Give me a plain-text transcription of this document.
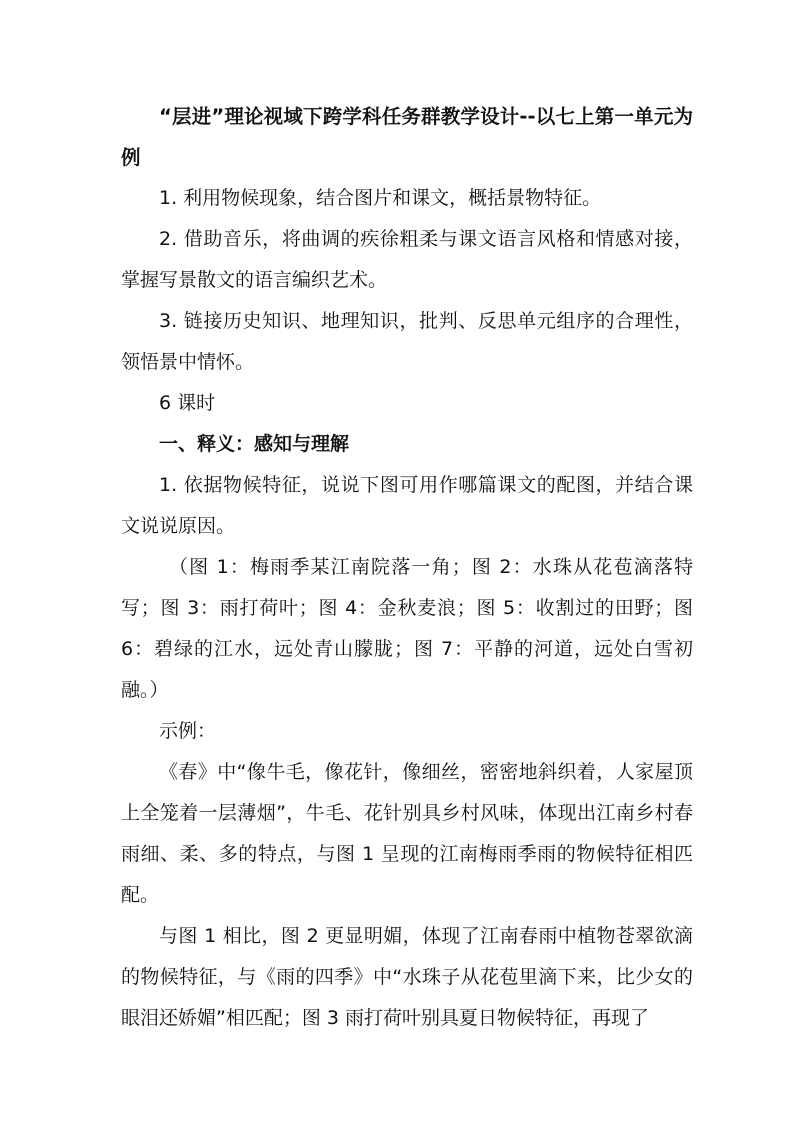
“层进”理论视域下跨学科任务群教学设计--以七上第一单元为例

1. 利用物候现象，结合图片和课文，概括景物特征。

2. 借助音乐，将曲调的疾徐粗柔与课文语言风格和情感对接，掌握写景散文的语言编织艺术。

3. 链接历史知识、地理知识，批判、反思单元组序的合理性，领悟景中情怀。

6 课时

一、释义：感知与理解

1. 依据物候特征，说说下图可用作哪篇课文的配图，并结合课文说说原因。

（图 1：梅雨季某江南院落一角；图 2：水珠从花苞滴落特写；图 3：雨打荷叶；图 4：金秋麦浪；图 5：收割过的田野；图 6：碧绿的江水，远处青山朦胧；图 7：平静的河道，远处白雪初融。）

示例：

《春》中“像牛毛，像花针，像细丝，密密地斜织着，人家屋顶上全笼着一层薄烟”，牛毛、花针别具乡村风味，体现出江南乡村春雨细、柔、多的特点，与图 1 呈现的江南梅雨季雨的物候特征相匹配。

与图 1 相比，图 2 更显明媚，体现了江南春雨中植物苍翠欲滴的物候特征，与《雨的四季》中“水珠子从花苞里滴下来，比少女的眼泪还娇媚”相匹配；图 3 雨打荷叶别具夏日物候特征，再现了
